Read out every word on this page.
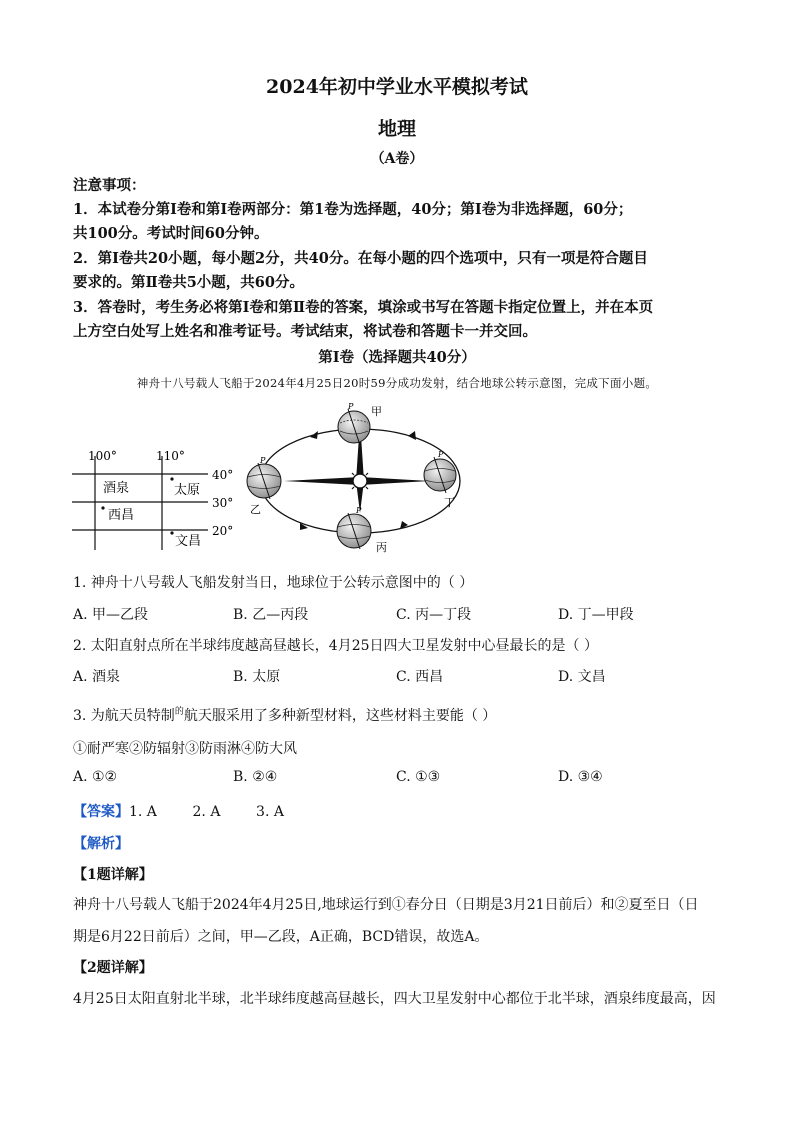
2024年初中学业水平模拟考试
地理
（A卷）
注意事项：
1．本试卷分第Ⅰ卷和第Ⅰ卷两部分：第1卷为选择题，40分；第Ⅰ卷为非选择题，60分；
共100分。考试时间60分钟。
2．第Ⅰ卷共20小题，每小题2分，共40分。在每小题的四个选项中，只有一项是符合题目
要求的。第Ⅱ卷共5小题，共60分。
3．答卷时，考生务必将第Ⅰ卷和第Ⅱ卷的答案，填涂或书写在答题卡指定位置上，并在本页
上方空白处写上姓名和准考证号。考试结束，将试卷和答题卡一并交回。
第Ⅰ卷（选择题共40分）
神舟十八号载人飞船于2024年4月25日20时59分成功发射，结合地球公转示意图，完成下面小题。
100°	110°
40°
30°
20°
酒泉	太原
西昌
文昌
甲
P
乙
P
丁
P
丙
P
1. 神舟十八号载人飞船发射当日，地球位于公转示意图中的（ ）
A. 甲—乙段	B. 乙—丙段	C. 丙—丁段	D. 丁—甲段
2. 太阳直射点所在半球纬度越高昼越长，4月25日四大卫星发射中心昼最长的是（ ）
A. 酒泉	B. 太原	C. 西昌	D. 文昌
3. 为航天员特制$^的$航天服采用了多种新型材料，这些材料主要能（ ）
①耐严寒②防辐射③防雨淋④防大风
A. ①②	B. ②④	C. ①③	D. ③④
【答案】1. A        2. A        3. A
【解析】
【1题详解】
神舟十八号载人飞船于2024年4月25日,地球运行到①春分日（日期是3月21日前后）和②夏至日（日
期是6月22日前后）之间，甲—乙段，A正确，BCD错误，故选A。
【2题详解】
4月25日太阳直射北半球，北半球纬度越高昼越长，四大卫星发射中心都位于北半球，酒泉纬度最高，因
